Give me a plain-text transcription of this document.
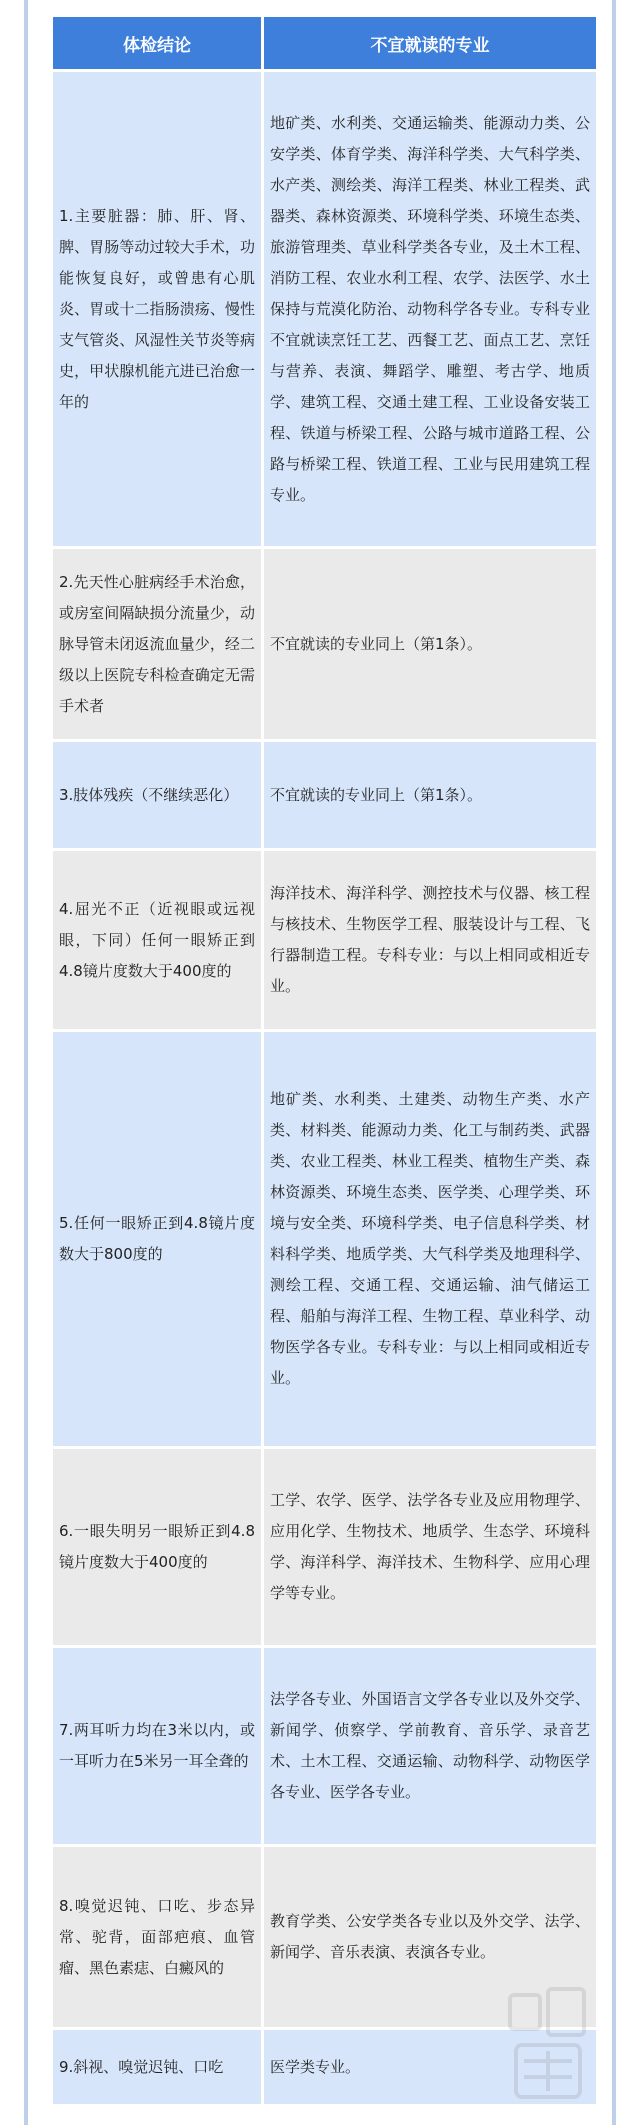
体检结论	不宜就读的专业
1.主要脏器：肺、肝、肾、脾、胃肠等动过较大手术，功能恢复良好，或曾患有心肌炎、胃或十二指肠溃疡、慢性支气管炎、风湿性关节炎等病史，甲状腺机能亢进已治愈一年的	地矿类、水利类、交通运输类、能源动力类、公安学类、体育学类、海洋科学类、大气科学类、水产类、测绘类、海洋工程类、林业工程类、武器类、森林资源类、环境科学类、环境生态类、旅游管理类、草业科学类各专业，及土木工程、消防工程、农业水利工程、农学、法医学、水土保持与荒漠化防治、动物科学各专业。专科专业不宜就读烹饪工艺、西餐工艺、面点工艺、烹饪与营养、表演、舞蹈学、雕塑、考古学、地质学、建筑工程、交通土建工程、工业设备安装工程、铁道与桥梁工程、公路与城市道路工程、公路与桥梁工程、铁道工程、工业与民用建筑工程专业。
2.先天性心脏病经手术治愈，或房室间隔缺损分流量少，动脉导管未闭返流血量少，经二级以上医院专科检查确定无需手术者	不宜就读的专业同上（第1条）。
3.肢体残疾（不继续恶化）	不宜就读的专业同上（第1条）。
4.屈光不正（近视眼或远视眼，下同）任何一眼矫正到4.8镜片度数大于400度的	海洋技术、海洋科学、测控技术与仪器、核工程与核技术、生物医学工程、服装设计与工程、飞行器制造工程。专科专业：与以上相同或相近专业。
5.任何一眼矫正到4.8镜片度数大于800度的	地矿类、水利类、土建类、动物生产类、水产类、材料类、能源动力类、化工与制药类、武器类、农业工程类、林业工程类、植物生产类、森林资源类、环境生态类、医学类、心理学类、环境与安全类、环境科学类、电子信息科学类、材料科学类、地质学类、大气科学类及地理科学、测绘工程、交通工程、交通运输、油气储运工程、船舶与海洋工程、生物工程、草业科学、动物医学各专业。专科专业：与以上相同或相近专业。
6.一眼失明另一眼矫正到4.8镜片度数大于400度的	工学、农学、医学、法学各专业及应用物理学、应用化学、生物技术、地质学、生态学、环境科学、海洋科学、海洋技术、生物科学、应用心理学等专业。
7.两耳听力均在3米以内，或一耳听力在5米另一耳全聋的	法学各专业、外国语言文学各专业以及外交学、新闻学、侦察学、学前教育、音乐学、录音艺术、土木工程、交通运输、动物科学、动物医学各专业、医学各专业。
8.嗅觉迟钝、口吃、步态异常、驼背，面部疤痕、血管瘤、黑色素痣、白癜风的	教育学类、公安学类各专业以及外交学、法学、新闻学、音乐表演、表演各专业。
9.斜视、嗅觉迟钝、口吃	医学类专业。
